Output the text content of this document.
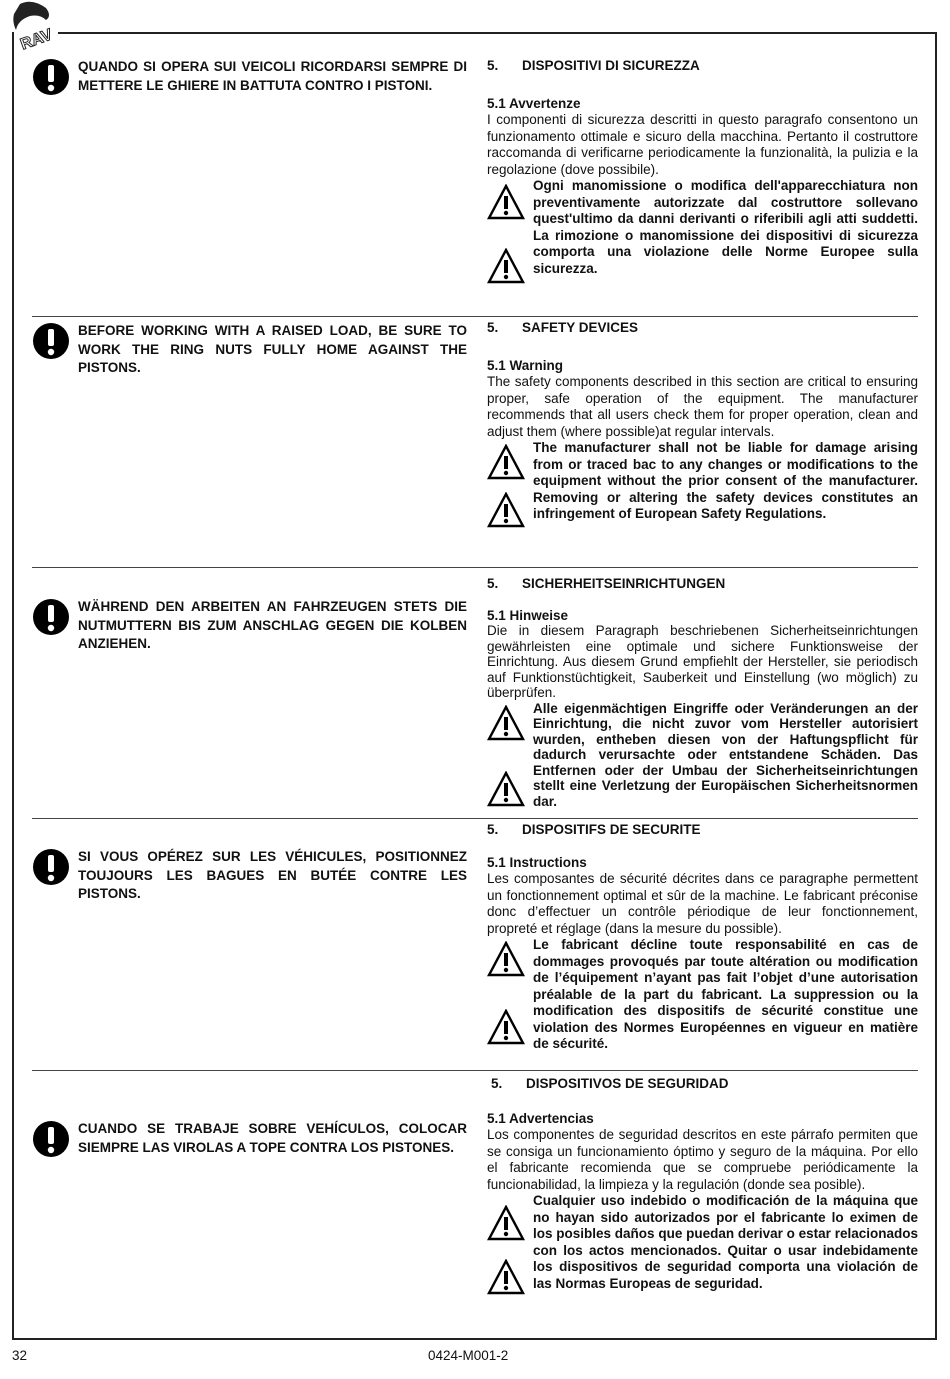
RAV
QUANDO SI OPERA SUI VEICOLI RICORDARSI SEMPRE DI METTERE LE GHIERE IN BATTUTA CONTRO I PISTONI.

5. DISPOSITIVI DI SICUREZZA

5.1 Avvertenze

I componenti di sicurezza descritti in questo paragrafo consentono un funzionamento ottimale e sicuro della macchina. Pertanto il costruttore raccomanda di verificarne periodicamente la funzionalità, la pulizia e la regolazione (dove possibile).

Ogni manomissione o modifica dell'apparecchiatura non preventivamente autorizzate dal costruttore sollevano quest'ultimo da danni derivanti o riferibili agli atti suddetti. La rimozione o manomissione dei dispositivi di sicurezza comporta una violazione delle Norme Europee sulla sicurezza.
BEFORE WORKING WITH A RAISED LOAD, BE SURE TO WORK THE RING NUTS FULLY HOME AGAINST THE PISTONS.

5. SAFETY DEVICES

5.1 Warning

The safety components described in this section are critical to ensuring proper, safe operation of the equipment. The manufacturer recommends that all users check them for proper operation, clean and adjust them (where possible)at regular intervals.

The manufacturer shall not be liable for damage arising from or traced bac to any changes or modifications to the equipment without the prior consent of the manufacturer. Removing or altering the safety devices constitutes an infringement of European Safety Regulations.
WÄHREND DEN ARBEITEN AN FAHRZEUGEN STETS DIE NUTMUTTERN BIS ZUM ANSCHLAG GEGEN DIE KOLBEN ANZIEHEN.

5. SICHERHEITSEINRICHTUNGEN

5.1 Hinweise

Die in diesem Paragraph beschriebenen Sicherheitseinrichtungen gewährleisten eine optimale und sichere Funktionsweise der Einrichtung. Aus diesem Grund empfiehlt der Hersteller, sie periodisch auf Funktionstüchtigkeit, Sauberkeit und Einstellung (wo möglich) zu überprüfen.

Alle eigenmächtigen Eingriffe oder Veränderungen an der Einrichtung, die nicht zuvor vom Hersteller autorisiert wurden, entheben diesen von der Haftungspflicht für dadurch verursachte oder entstandene Schäden. Das Entfernen oder der Umbau der Sicherheitseinrichtungen stellt eine Verletzung der Europäischen Sicherheitsnormen dar.
SI VOUS OPÉREZ SUR LES VÉHICULES, POSITIONNEZ TOUJOURS LES BAGUES EN BUTÉE CONTRE LES PISTONS.

5. DISPOSITIFS DE SECURITE

5.1 Instructions

Les composantes de sécurité décrites dans ce paragraphe permettent un fonctionnement optimal et sûr de la machine. Le fabricant préconise donc d’effectuer un contrôle périodique de leur fonctionnement, propreté et réglage (dans la mesure du possible).

Le fabricant décline toute responsabilité en cas de dommages provoqués par toute altération ou modification de l’équipement n’ayant pas fait l’objet d’une autorisation préalable de la part du fabricant. La suppression ou la modification des dispositifs de sécurité constitue une violation des Normes Européennes en vigueur en matière de sécurité.
CUANDO SE TRABAJE SOBRE VEHÍCULOS, COLOCAR SIEMPRE LAS VIROLAS A TOPE CONTRA LOS PISTONES.

5. DISPOSITIVOS DE SEGURIDAD

5.1 Advertencias

Los componentes de seguridad descritos en este párrafo permiten que se consiga un funcionamiento óptimo y seguro de la máquina. Por ello el fabricante recomienda que se compruebe periódicamente la funcionabilidad, la limpieza y la regulación (donde sea posible).

Cualquier uso indebido o modificación de la máquina que no hayan sido autorizados por el fabricante lo eximen de los posibles daños que puedan derivar o estar relacionados con los actos mencionados. Quitar o usar indebidamente los dispositivos de seguridad comporta una violación de las Normas Europeas de seguridad.
32	0424-M001-2
